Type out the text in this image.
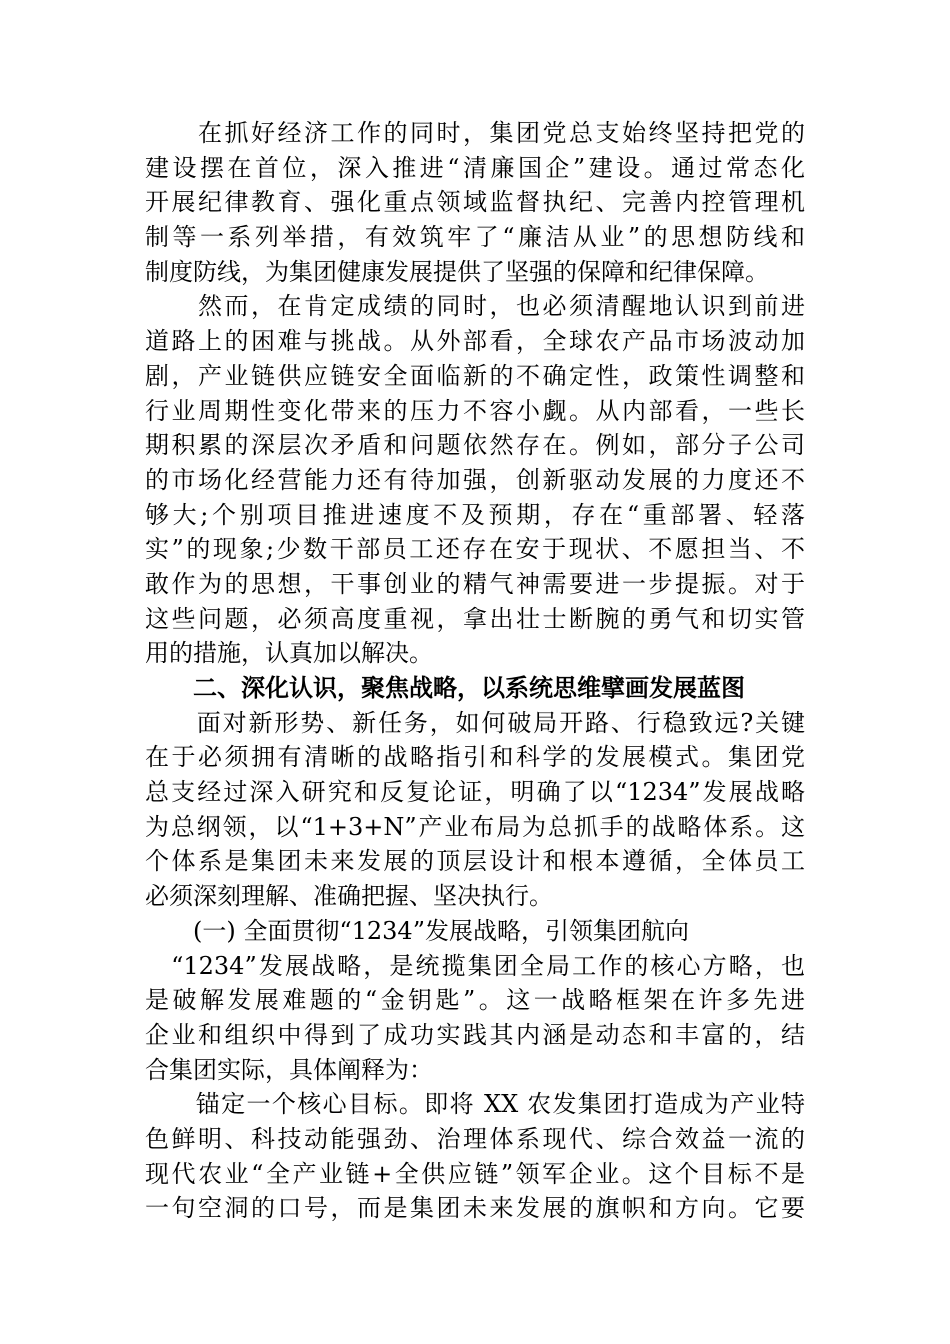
　　在抓好经济工作的同时，集团党总支始终坚持把党的
建设摆在首位，深入推进“清廉国企”建设。通过常态化
开展纪律教育、强化重点领域监督执纪、完善内控管理机
制等一系列举措，有效筑牢了“廉洁从业”的思想防线和
制度防线，为集团健康发展提供了坚强的保障和纪律保障。
　　然而，在肯定成绩的同时，也必须清醒地认识到前进
道路上的困难与挑战。从外部看，全球农产品市场波动加
剧，产业链供应链安全面临新的不确定性，政策性调整和
行业周期性变化带来的压力不容小觑。从内部看，一些长
期积累的深层次矛盾和问题依然存在。例如，部分子公司
的市场化经营能力还有待加强，创新驱动发展的力度还不
够大;个别项目推进速度不及预期，存在“重部署、轻落
实”的现象;少数干部员工还存在安于现状、不愿担当、不
敢作为的思想，干事创业的精气神需要进一步提振。对于
这些问题，必须高度重视，拿出壮士断腕的勇气和切实管
用的措施，认真加以解决。
　　二、深化认识，聚焦战略，以系统思维擘画发展蓝图
　　面对新形势、新任务，如何破局开路、行稳致远?关键
在于必须拥有清晰的战略指引和科学的发展模式。集团党
总支经过深入研究和反复论证，明确了以“1234”发展战略
为总纲领，以“1+3+N”产业布局为总抓手的战略体系。这
个体系是集团未来发展的顶层设计和根本遵循，全体员工
必须深刻理解、准确把握、坚决执行。
　　(一) 全面贯彻“1234”发展战略，引领集团航向
　“1234”发展战略，是统揽集团全局工作的核心方略，也
是破解发展难题的“金钥匙”。这一战略框架在许多先进
企业和组织中得到了成功实践其内涵是动态和丰富的，结
合集团实际，具体阐释为：
　　锚定一个核心目标。即将 XX 农发集团打造成为产业特
色鲜明、科技动能强劲、治理体系现代、综合效益一流的
现代农业“全产业链+全供应链”领军企业。这个目标不是
一句空洞的口号，而是集团未来发展的旗帜和方向。它要
